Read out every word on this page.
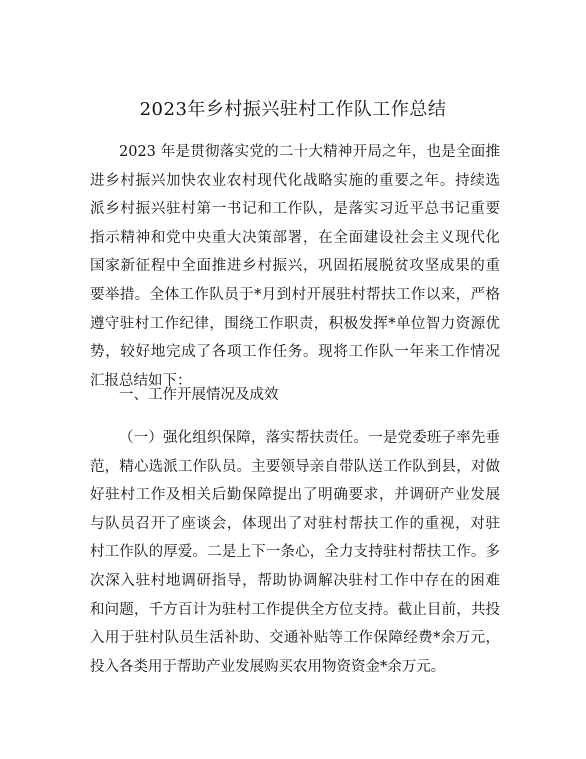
2023年乡村振兴驻村工作队工作总结
2023 年是贯彻落实党的二十大精神开局之年，也是全面推
进乡村振兴加快农业农村现代化战略实施的重要之年。持续选
派乡村振兴驻村第一书记和工作队，是落实习近平总书记重要
指示精神和党中央重大决策部署，在全面建设社会主义现代化
国家新征程中全面推进乡村振兴，巩固拓展脱贫攻坚成果的重
要举措。全体工作队员于*月到村开展驻村帮扶工作以来，严格
遵守驻村工作纪律，围绕工作职责，积极发挥*单位智力资源优
势，较好地完成了各项工作任务。现将工作队一年来工作情况
汇报总结如下：
一、工作开展情况及成效
（一）强化组织保障，落实帮扶责任。一是党委班子率先垂
范，精心选派工作队员。主要领导亲自带队送工作队到县，对做
好驻村工作及相关后勤保障提出了明确要求，并调研产业发展
与队员召开了座谈会，体现出了对驻村帮扶工作的重视，对驻
村工作队的厚爱。二是上下一条心，全力支持驻村帮扶工作。多
次深入驻村地调研指导，帮助协调解决驻村工作中存在的困难
和问题，千方百计为驻村工作提供全方位支持。截止目前，共投
入用于驻村队员生活补助、交通补贴等工作保障经费*余万元，
投入各类用于帮助产业发展购买农用物资资金*余万元。
